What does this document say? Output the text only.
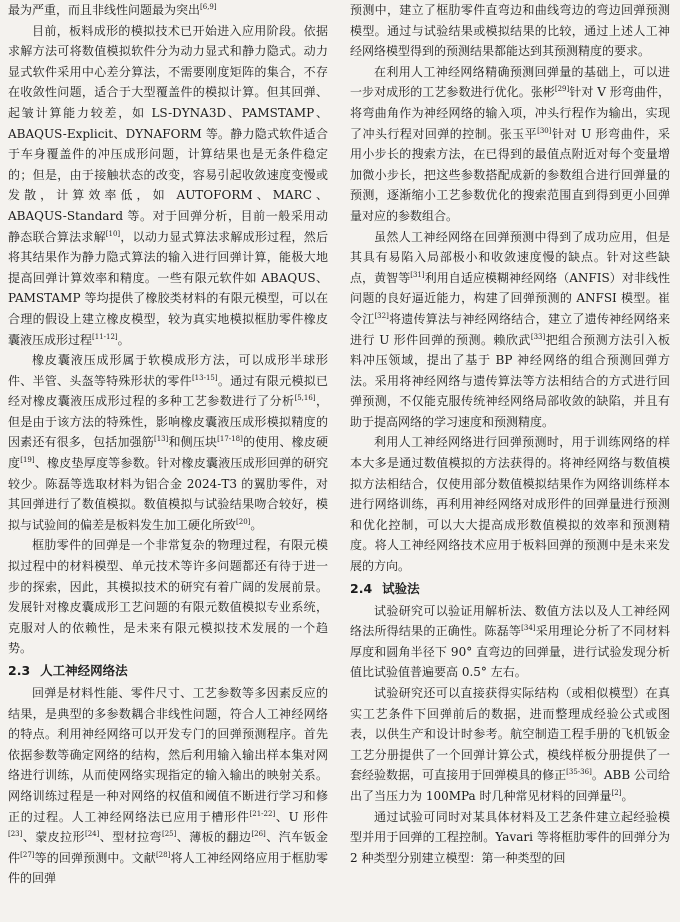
最为严重，而且非线性问题最为突出[6,9]

目前，板料成形的模拟技术已开始进入应用阶段。依据求解方法可将数值模拟软件分为动力显式和静力隐式。动力显式软件采用中心差分算法，不需要刚度矩阵的集合，不存在收敛性问题，适合于大型覆盖件的模拟计算。但其回弹、起皱计算能力较差，如 LS-DYNA3D、PAMSTAMP、ABAQUS-Explicit、DYNAFORM 等。静力隐式软件适合于车身覆盖件的冲压成形问题，计算结果也是无条件稳定的；但是，由于接触状态的改变，容易引起收敛速度变慢或发散，计算效率低，如 AUTOFORM、MARC、ABAQUS-Standard 等。对于回弹分析，目前一般采用动静态联合算法求解[10]，以动力显式算法求解成形过程，然后将其结果作为静力隐式算法的输入进行回弹计算，能极大地提高回弹计算效率和精度。一些有限元软件如 ABAQUS、PAMSTAMP 等均提供了橡胶类材料的有限元模型，可以在合理的假设上建立橡皮模型，较为真实地模拟框肋零件橡皮囊液压成形过程[11-12]。

橡皮囊液压成形属于软模成形方法，可以成形半球形件、半管、头盔等特殊形状的零件[13-15]。通过有限元模拟已经对橡皮囊液压成形过程的多种工艺参数进行了分析[5,16]，但是由于该方法的特殊性，影响橡皮囊液压成形模拟精度的因素还有很多，包括加强筋[13]和侧压块[17-18]的使用、橡皮硬度[19]、橡皮垫厚度等参数。针对橡皮囊液压成形回弹的研究较少。陈磊等选取材料为铝合金 2024-T3 的翼肋零件，对其回弹进行了数值模拟。数值模拟与试验结果吻合较好，模拟与试验间的偏差是板料发生加工硬化所致[20]。

框肋零件的回弹是一个非常复杂的物理过程，有限元模拟过程中的材料模型、单元技术等许多问题都还有待于进一步的探索，因此，其模拟技术的研究有着广阔的发展前景。发展针对橡皮囊成形工艺问题的有限元数值模拟专业系统，克服对人的依赖性，是未来有限元模拟技术发展的一个趋势。

2.3 人工神经网络法

回弹是材料性能、零件尺寸、工艺参数等多因素反应的结果，是典型的多参数耦合非线性问题，符合人工神经网络的特点。利用神经网络可以开发专门的回弹预测程序。首先依据参数等确定网络的结构，然后利用输入输出样本集对网络进行训练，从而使网络实现指定的输入输出的映射关系。网络训练过程是一种对网络的权值和阈值不断进行学习和修正的过程。人工神经网络法已应用于槽形件[21-22]、U 形件[23]、蒙皮拉形[24]、型材拉弯[25]、薄板的翻边[26]、汽车钣金件[27]等的回弹预测中。文献[28]将人工神经网络应用于框肋零件的回弹

预测中，建立了框肋零件直弯边和曲线弯边的弯边回弹预测模型。通过与试验结果或模拟结果的比较，通过上述人工神经网络模型得到的预测结果都能达到其预测精度的要求。

在利用人工神经网络精确预测回弹量的基础上，可以进一步对成形的工艺参数进行优化。张彬[29]针对 V 形弯曲件，将弯曲角作为神经网络的输入项，冲头行程作为输出，实现了冲头行程对回弹的控制。张玉平[30]针对 U 形弯曲件，采用小步长的搜索方法，在已得到的最值点附近对每个变量增加微小步长，把这些参数搭配成新的参数组合进行回弹量的预测，逐渐缩小工艺参数优化的搜索范围直到得到更小回弹量对应的参数组合。

虽然人工神经网络在回弹预测中得到了成功应用，但是其具有易陷入局部极小和收敛速度慢的缺点。针对这些缺点，黄智等[31]利用自适应模糊神经网络（ANFIS）对非线性问题的良好逼近能力，构建了回弹预测的 ANFSI 模型。崔令江[32]将遗传算法与神经网络结合，建立了遗传神经网络来进行 U 形件回弹的预测。赖欣武[33]把组合预测方法引入板料冲压领域，提出了基于 BP 神经网络的组合预测回弹方法。采用将神经网络与遗传算法等方法相结合的方式进行回弹预测，不仅能克服传统神经网络局部收敛的缺陷，并且有助于提高网络的学习速度和预测精度。

利用人工神经网络进行回弹预测时，用于训练网络的样本大多是通过数值模拟的方法获得的。将神经网络与数值模拟方法相结合，仅使用部分数值模拟结果作为网络训练样本进行网络训练，再利用神经网络对成形件的回弹量进行预测和优化控制，可以大大提高成形数值模拟的效率和预测精度。将人工神经网络技术应用于板料回弹的预测中是未来发展的方向。

2.4 试验法

试验研究可以验证用解析法、数值方法以及人工神经网络法所得结果的正确性。陈磊等[34]采用理论分析了不同材料厚度和圆角半径下 90° 直弯边的回弹量，进行试验发现分析值比试验值普遍要高 0.5° 左右。

试验研究还可以直接获得实际结构（或相似模型）在真实工艺条件下回弹前后的数据，进而整理成经验公式或图表，以供生产和设计时参考。航空制造工程手册的飞机钣金工艺分册提供了一个回弹计算公式，模线样板分册提供了一套经验数据，可直接用于回弹模具的修正[35-36]。ABB 公司给出了当压力为 100MPa 时几种常见材料的回弹量[2]。

通过试验可同时对某具体材料及工艺条件建立起经验模型并用于回弹的工程控制。Yavari 等将框肋零件的回弹分为 2 种类型分别建立模型：第一种类型的回
